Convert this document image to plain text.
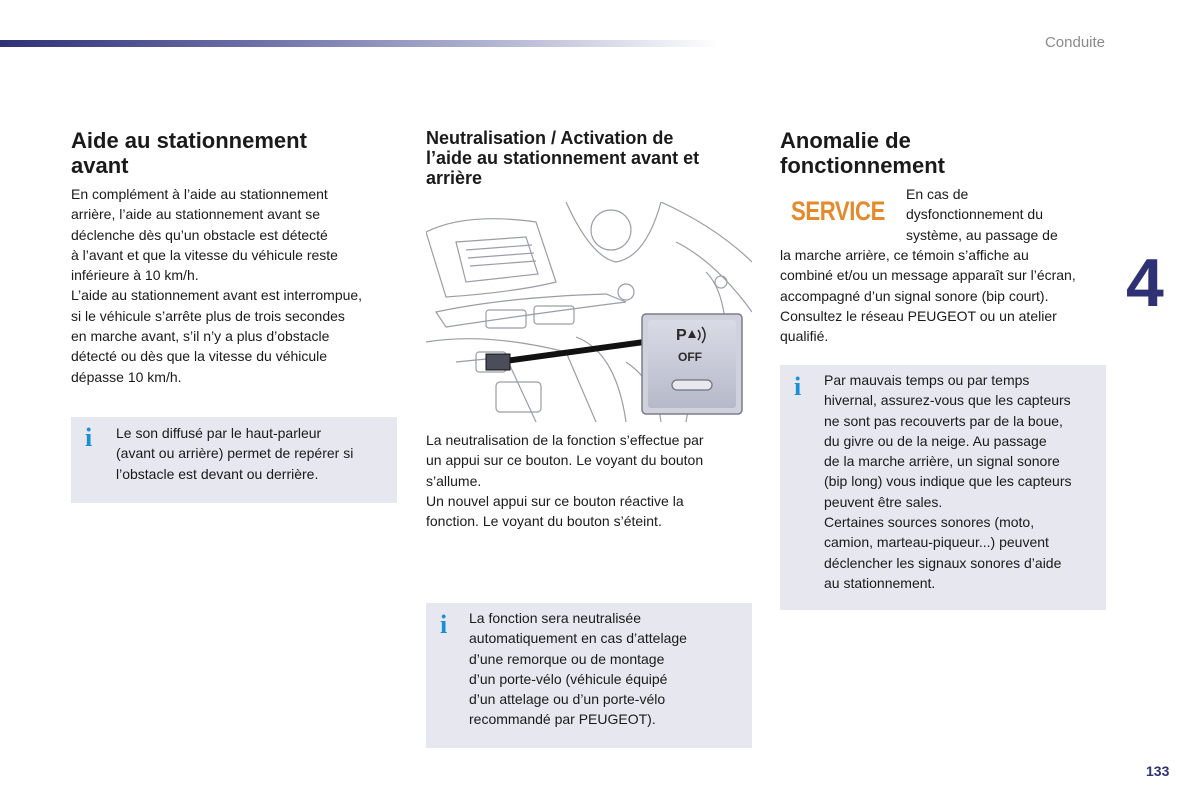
Conduite
4
133
Aide au stationnement
avant
En complément à l’aide au stationnement
arrière, l’aide au stationnement avant se
déclenche dès qu’un obstacle est détecté
à l’avant et que la vitesse du véhicule reste
inférieure à 10 km/h.
L’aide au stationnement avant est interrompue,
si le véhicule s’arrête plus de trois secondes
en marche avant, s’il n’y a plus d’obstacle
détecté ou dès que la vitesse du véhicule
dépasse 10 km/h.
i Le son diffusé par le haut-parleur
(avant ou arrière) permet de repérer si
l’obstacle est devant ou derrière.
Neutralisation / Activation de
l’aide au stationnement avant et
arrière
P
OFF
La neutralisation de la fonction s’effectue par
un appui sur ce bouton. Le voyant du bouton
s’allume.
Un nouvel appui sur ce bouton réactive la
fonction. Le voyant du bouton s’éteint.
i La fonction sera neutralisée
automatiquement en cas d’attelage
d’une remorque ou de montage
d’un porte-vélo (véhicule équipé
d’un attelage ou d’un porte-vélo
recommandé par PEUGEOT).
Anomalie de
fonctionnement
SERVICE
En cas de
dysfonctionnement du
système, au passage de
la marche arrière, ce témoin s’affiche au
combiné et/ou un message apparaît sur l’écran,
accompagné d’un signal sonore (bip court).
Consultez le réseau PEUGEOT ou un atelier
qualifié.
i Par mauvais temps ou par temps
hivernal, assurez-vous que les capteurs
ne sont pas recouverts par de la boue,
du givre ou de la neige. Au passage
de la marche arrière, un signal sonore
(bip long) vous indique que les capteurs
peuvent être sales.
Certaines sources sonores (moto,
camion, marteau-piqueur...) peuvent
déclencher les signaux sonores d’aide
au stationnement.
